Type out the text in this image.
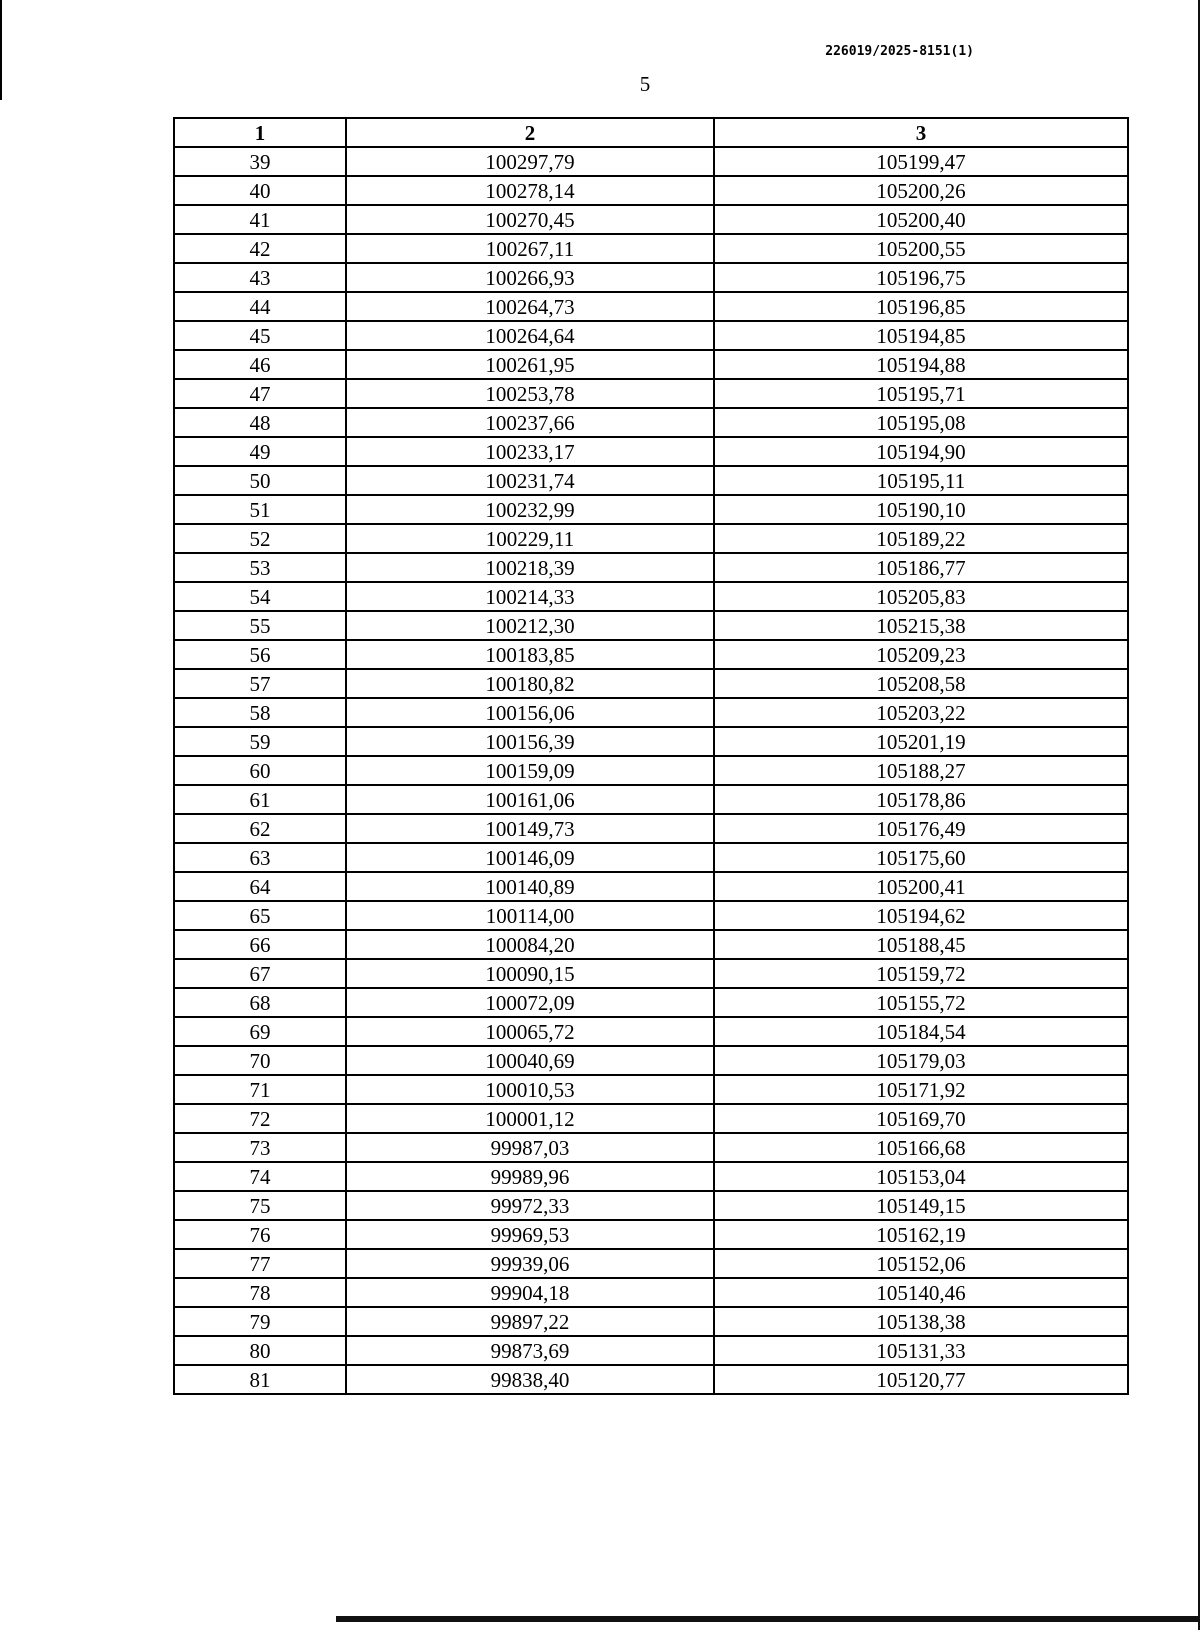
226019/2025-8151(1)
5
1	2	3
39	100297,79	105199,47
40	100278,14	105200,26
41	100270,45	105200,40
42	100267,11	105200,55
43	100266,93	105196,75
44	100264,73	105196,85
45	100264,64	105194,85
46	100261,95	105194,88
47	100253,78	105195,71
48	100237,66	105195,08
49	100233,17	105194,90
50	100231,74	105195,11
51	100232,99	105190,10
52	100229,11	105189,22
53	100218,39	105186,77
54	100214,33	105205,83
55	100212,30	105215,38
56	100183,85	105209,23
57	100180,82	105208,58
58	100156,06	105203,22
59	100156,39	105201,19
60	100159,09	105188,27
61	100161,06	105178,86
62	100149,73	105176,49
63	100146,09	105175,60
64	100140,89	105200,41
65	100114,00	105194,62
66	100084,20	105188,45
67	100090,15	105159,72
68	100072,09	105155,72
69	100065,72	105184,54
70	100040,69	105179,03
71	100010,53	105171,92
72	100001,12	105169,70
73	99987,03	105166,68
74	99989,96	105153,04
75	99972,33	105149,15
76	99969,53	105162,19
77	99939,06	105152,06
78	99904,18	105140,46
79	99897,22	105138,38
80	99873,69	105131,33
81	99838,40	105120,77
